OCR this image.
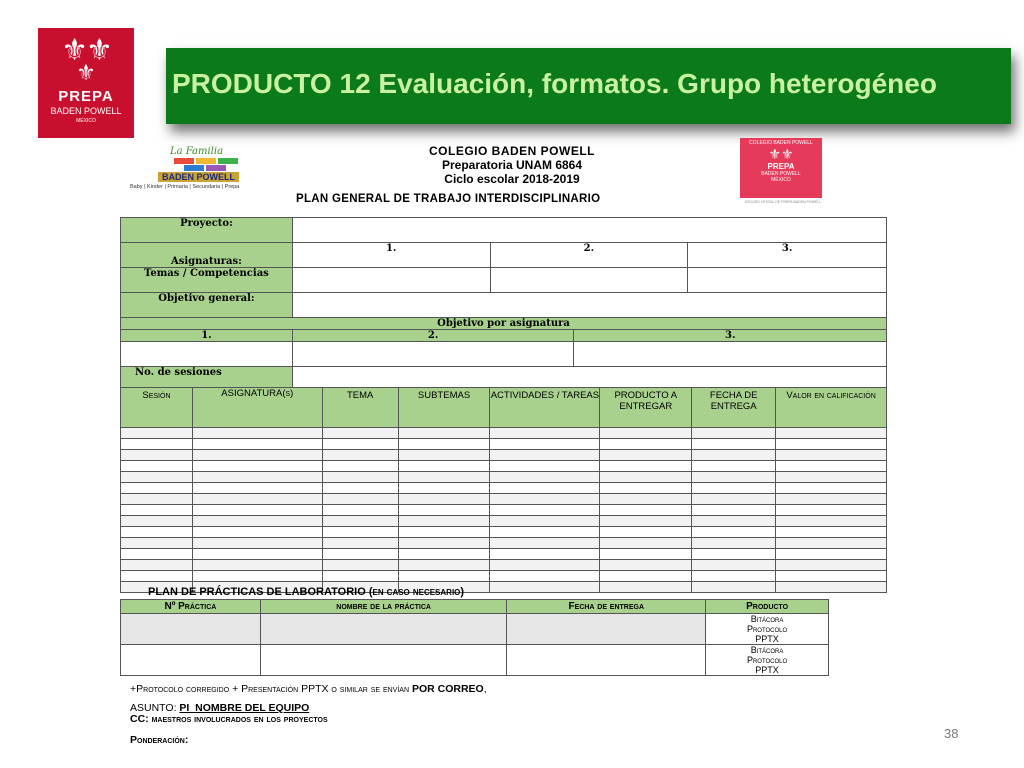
⚜⚜
⚜
PREPA
BADEN POWELL
MÉXICO
PRODUCTO 12 Evaluación, formatos. Grupo heterogéneo
La Familia
BADEN POWELL
Baby | Kinder | Primaria | Secundaria | Prepa
COLEGIO BADEN POWELL
Preparatoria UNAM 6864
Ciclo escolar 2018-2019
PLAN GENERAL DE TRABAJO INTERDISCIPLINARIO
COLEGIO BADEN POWELL
⚜⚜
PREPA
BADEN POWELL
MÉXICO
ESCUDO OFICIAL DE PREPA BADEN POWELL
Proyecto:				
Asignaturas:	1.	2.		3.
Temas / Competencias				
Objetivo general:				
Objetivo por asignatura				
1.	2.		3.	

No. de sesiones				
Sesión	ASIGNATURA(s)	TEMA	SUBTEMAS	ACTIVIDADES / TAREAS	PRODUCTO A ENTREGAR	FECHA DE ENTREGA	Valor en calificación

PLAN DE PRÁCTICAS DE LABORATORIO (en caso necesario)
Nº Práctica	nombre de la práctica	Fecha de entrega	Producto

			Bitácora
Protocolo
PPTX

			Bitácora
Protocolo
PPTX
+Protocolo corregido + Presentación PPTX o similar se envían POR CORREO,
ASUNTO: PI_NOMBRE DEL EQUIPO
CC: maestros involucrados en los proyectos
Ponderación:	38
